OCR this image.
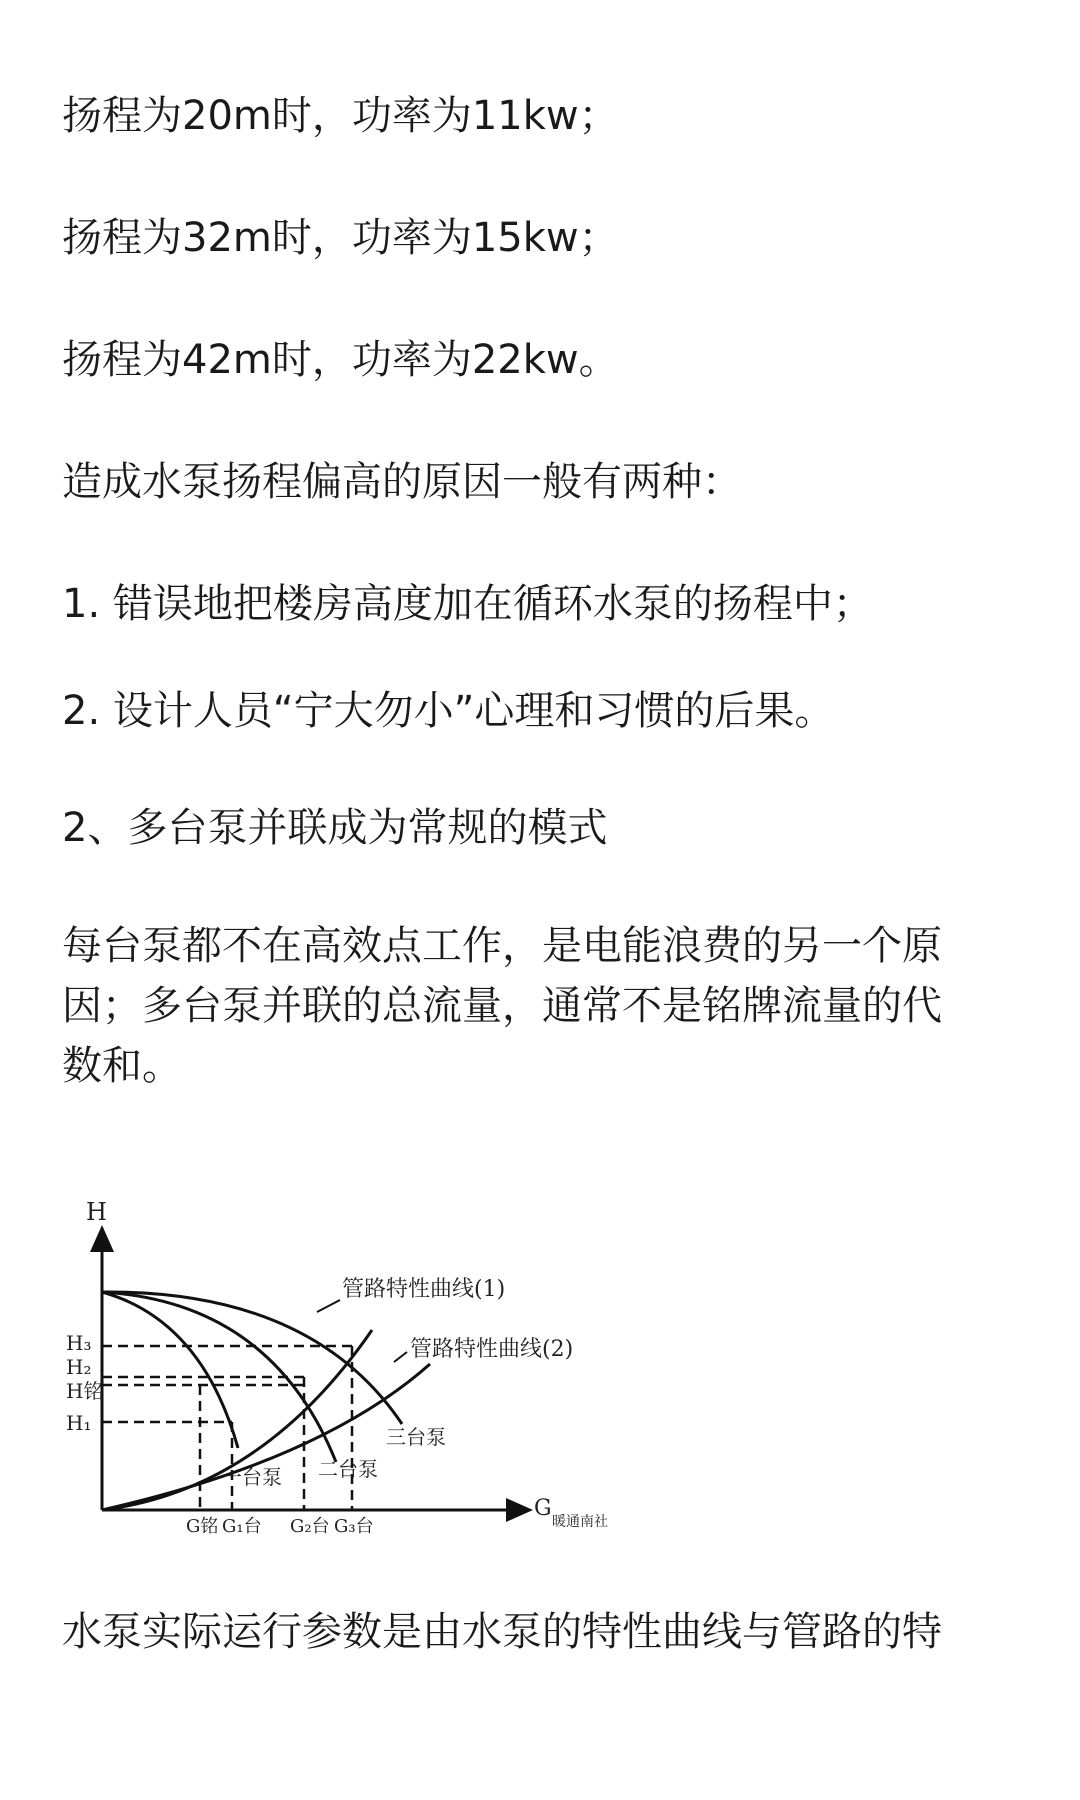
扬程为20m时，功率为11kw；

扬程为32m时，功率为15kw；

扬程为42m时，功率为22kw。

造成水泵扬程偏高的原因一般有两种：

1. 错误地把楼房高度加在循环水泵的扬程中；

2. 设计人员“宁大勿小”心理和习惯的后果。

2、多台泵并联成为常规的模式

每台泵都不在高效点工作，是电能浪费的另一个原
因；多台泵并联的总流量，通常不是铭牌流量的代
数和。
H
G
H₃
H₂
H铭
H₁
G铭 G₁台 G₂台 G₃台
管路特性曲线(1)
管路特性曲线(2)
三台泵
二台泵
一台泵
暖通南社

水泵实际运行参数是由水泵的特性曲线与管路的特
